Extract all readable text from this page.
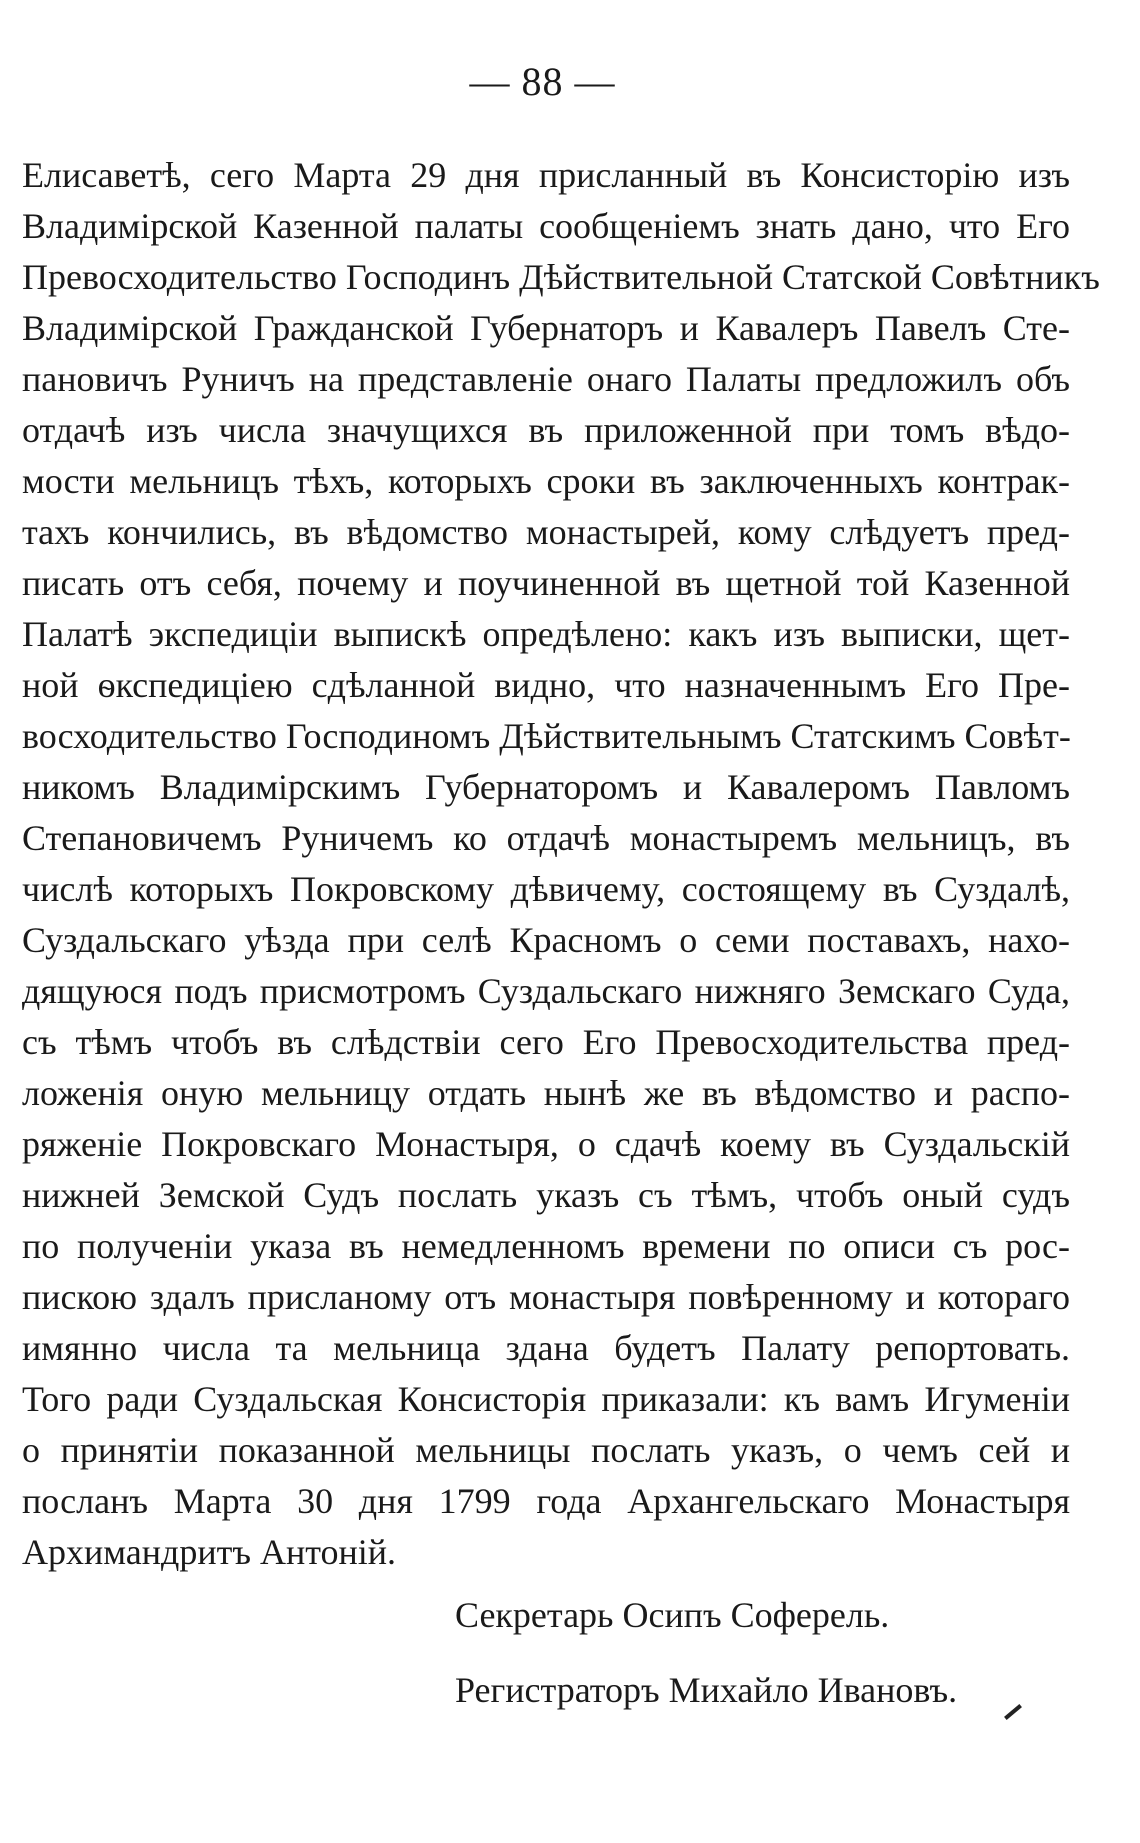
— 88 —
Елисаветѣ, сего Марта 29 дня присланный въ Консисторію изъ
Владимірской Казенной палаты сообщеніемъ знать дано, что Его
Превосходительство Господинъ Дѣйствительной Статской Совѣтникъ
Владимірской Гражданской Губернаторъ и Кавалеръ Павелъ Сте-
пановичъ Руничъ на представленіе онаго Палаты предложилъ объ
отдачѣ изъ числа значущихся въ приложенной при томъ вѣдо-
мости мельницъ тѣхъ, которыхъ сроки въ заключенныхъ контрак-
тахъ кончились, въ вѣдомство монастырей, кому слѣдуетъ пред-
писать отъ себя, почему и поучиненной въ щетной той Казенной
Палатѣ экспедиціи выпискѣ опредѣлено: какъ изъ выписки, щет-
ной ѳкспедиціею сдѣланной видно, что назначеннымъ Его Пре-
восходительство Господиномъ Дѣйствительнымъ Статскимъ Совѣт-
никомъ Владимірскимъ Губернаторомъ и Кавалеромъ Павломъ
Степановичемъ Руничемъ ко отдачѣ монастыремъ мельницъ, въ
числѣ которыхъ Покровскому дѣвичему, состоящему въ Суздалѣ,
Суздальскаго уѣзда при селѣ Красномъ о семи поставахъ, нахо-
дящуюся подъ присмотромъ Суздальскаго нижняго Земскаго Суда,
съ тѣмъ чтобъ въ слѣдствіи сего Его Превосходительства пред-
ложенія оную мельницу отдать нынѣ же въ вѣдомство и распо-
ряженіе Покровскаго Монастыря, о сдачѣ коему въ Суздальскій
нижней Земской Судъ послать указъ съ тѣмъ, чтобъ оный судъ
по полученіи указа въ немедленномъ времени по описи съ рос-
пискою здалъ присланому отъ монастыря повѣренному и котораго
имянно числа та мельница здана будетъ Палату репортовать.
Того ради Суздальская Консисторія приказали: къ вамъ Игуменіи
о принятіи показанной мельницы послать указъ, о чемъ сей и
посланъ Марта 30 дня 1799 года Архангельскаго Монастыря
Архимандритъ Антоній.
Секретарь Осипъ Соферель.
Регистраторъ Михайло Ивановъ.
